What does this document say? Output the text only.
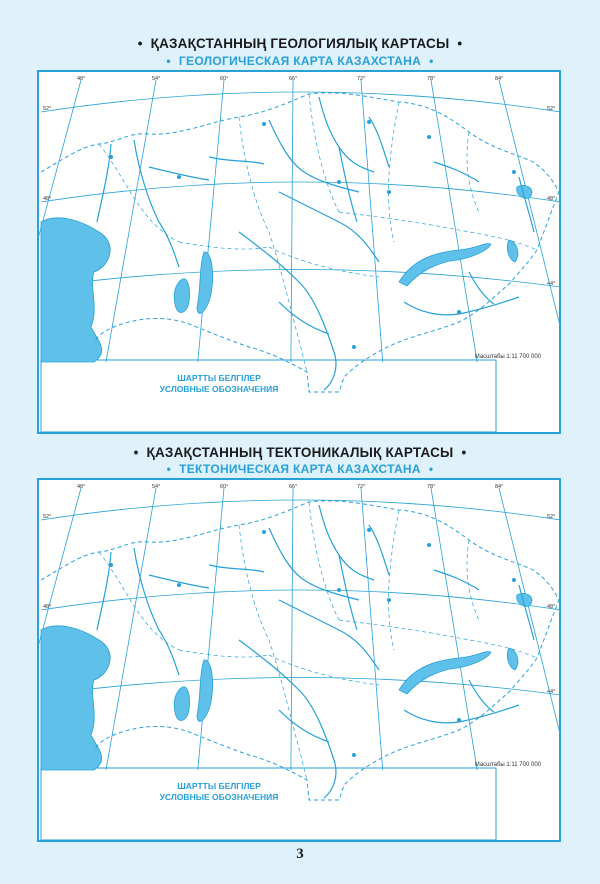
• ҚАЗАҚСТАННЫҢ ГЕОЛОГИЯЛЫҚ КАРТАСЫ •
• ГЕОЛОГИЧЕСКАЯ КАРТА КАЗАХСТАНА •
52°	52°
48°	48°
44°
48°	54°	60°	66°	72°	78°	84°
ШАРТТЫ БЕЛГІЛЕР
УСЛОВНЫЕ ОБОЗНАЧЕНИЯ
Масштабы 1:11 700 000
• ҚАЗАҚСТАННЫҢ ТЕКТОНИКАЛЫҚ КАРТАСЫ •
• ТЕКТОНИЧЕСКАЯ КАРТА КАЗАХСТАНА •
52°	52°
48°	48°
44°
48°	54°	60°	66°	72°	78°	84°
ШАРТТЫ БЕЛГІЛЕР
УСЛОВНЫЕ ОБОЗНАЧЕНИЯ
Масштабы 1:11 700 000
3
